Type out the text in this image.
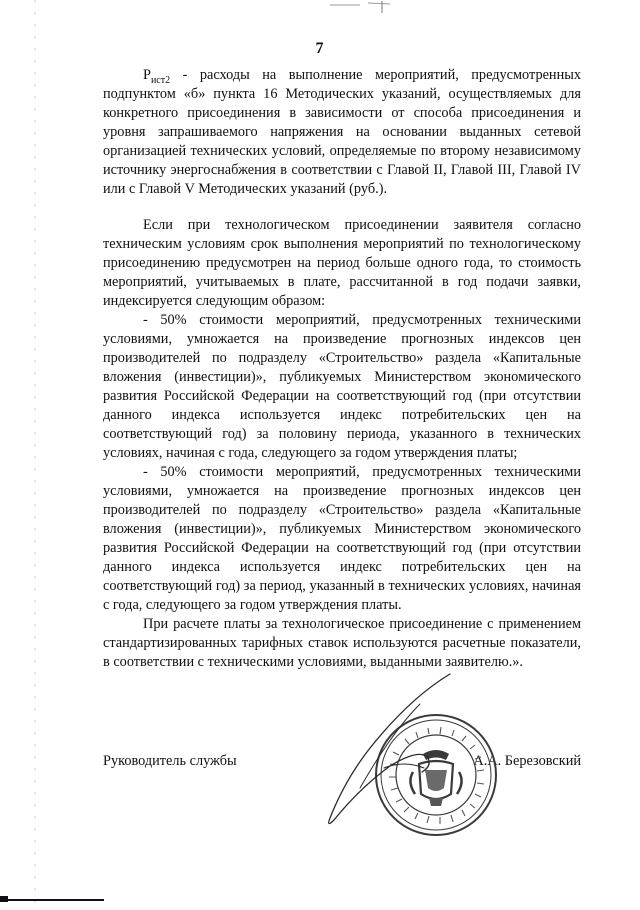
7

$P_{ист2}$ - расходы на выполнение мероприятий, предусмотренных подпунктом «б» пункта 16 Методических указаний, осуществляемых для конкретного присоединения в зависимости от способа присоединения и уровня запрашиваемого напряжения на основании выданных сетевой организацией технических условий, определяемые по второму независимому источнику энергоснабжения в соответствии с Главой II, Главой III, Главой IV или с Главой V Методических указаний (руб.).

Если при технологическом присоединении заявителя согласно техническим условиям срок выполнения мероприятий по технологическому присоединению предусмотрен на период больше одного года, то стоимость мероприятий, учитываемых в плате, рассчитанной в год подачи заявки, индексируется следующим образом:

- 50% стоимости мероприятий, предусмотренных техническими условиями, умножается на произведение прогнозных индексов цен производителей по подразделу «Строительство» раздела «Капитальные вложения (инвестиции)», публикуемых Министерством экономического развития Российской Федерации на соответствующий год (при отсутствии данного индекса используется индекс потребительских цен на соответствующий год) за половину периода, указанного в технических условиях, начиная с года, следующего за годом утверждения платы;

- 50% стоимости мероприятий, предусмотренных техническими условиями, умножается на произведение прогнозных индексов цен производителей по подразделу «Строительство» раздела «Капитальные вложения (инвестиции)», публикуемых Министерством экономического развития Российской Федерации на соответствующий год (при отсутствии данного индекса используется индекс потребительских цен на соответствующий год) за период, указанный в технических условиях, начиная с года, следующего за годом утверждения платы.

При расчете платы за технологическое присоединение с применением стандартизированных тарифных ставок используются расчетные показатели, в соответствии с техническими условиями, выданными заявителю.».

Руководитель службы	А.А. Березовский
